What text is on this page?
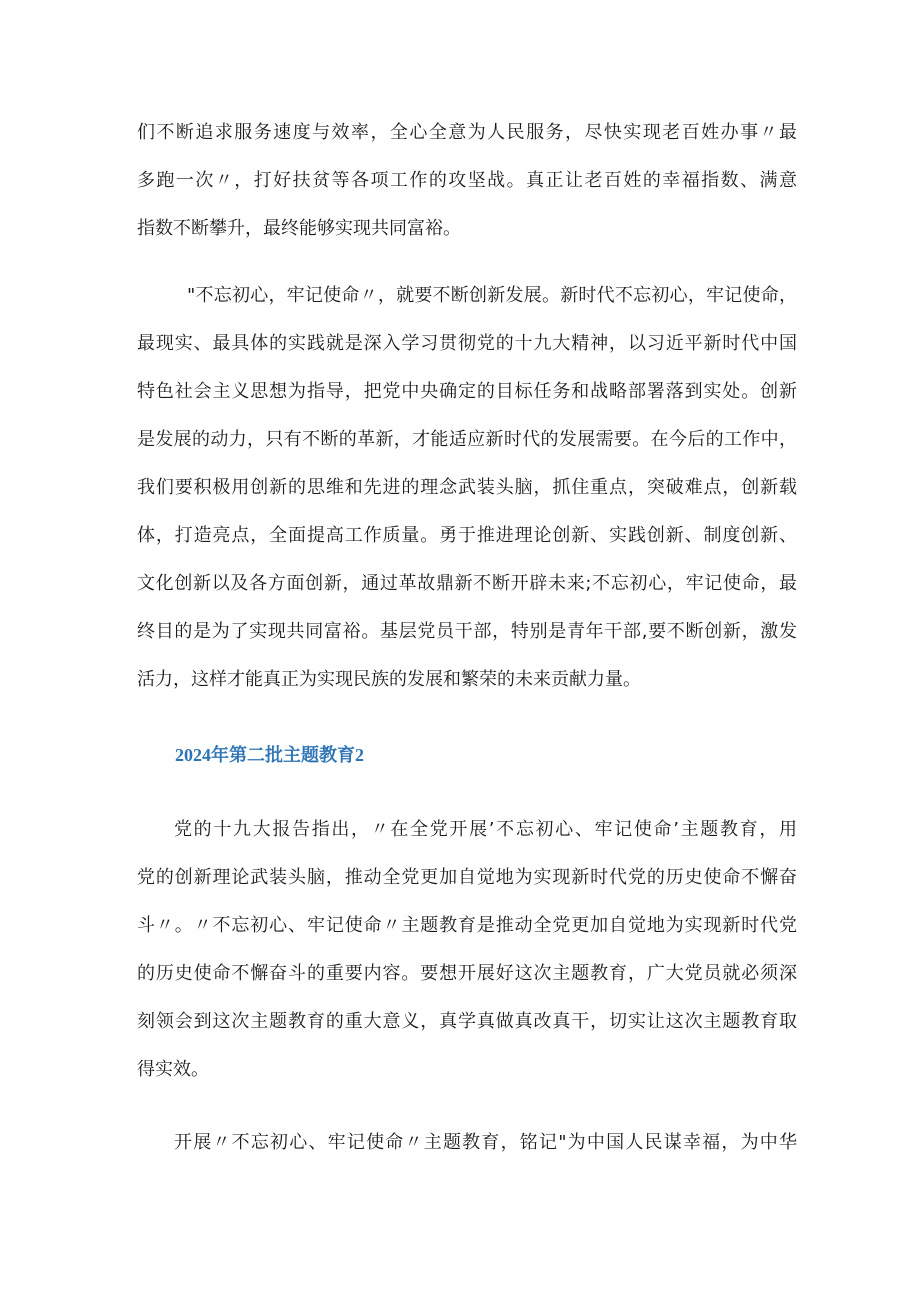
们不断追求服务速度与效率，全心全意为人民服务，尽快实现老百姓办事〃最
多跑一次〃，打好扶贫等各项工作的攻坚战。真正让老百姓的幸福指数、满意
指数不断攀升，最终能够实现共同富裕。
"不忘初心，牢记使命〃，就要不断创新发展。新时代不忘初心，牢记使命，
最现实、最具体的实践就是深入学习贯彻党的十九大精神，以习近平新时代中国
特色社会主义思想为指导，把党中央确定的目标任务和战略部署落到实处。创新
是发展的动力，只有不断的革新，才能适应新时代的发展需要。在今后的工作中，
我们要积极用创新的思维和先进的理念武装头脑，抓住重点，突破难点，创新载
体，打造亮点，全面提高工作质量。勇于推进理论创新、实践创新、制度创新、
文化创新以及各方面创新，通过革故鼎新不断开辟未来;不忘初心，牢记使命，最
终目的是为了实现共同富裕。基层党员干部，特别是青年干部,要不断创新，激发
活力，这样才能真正为实现民族的发展和繁荣的未来贡献力量。
2024年第二批主题教育2
党的十九大报告指出，〃在全党开展’不忘初心、牢记使命’主题教育，用
党的创新理论武装头脑，推动全党更加自觉地为实现新时代党的历史使命不懈奋
斗〃。〃不忘初心、牢记使命〃主题教育是推动全党更加自觉地为实现新时代党
的历史使命不懈奋斗的重要内容。要想开展好这次主题教育，广大党员就必须深
刻领会到这次主题教育的重大意义，真学真做真改真干，切实让这次主题教育取
得实效。
开展〃不忘初心、牢记使命〃主题教育，铭记"为中国人民谋幸福，为中华
